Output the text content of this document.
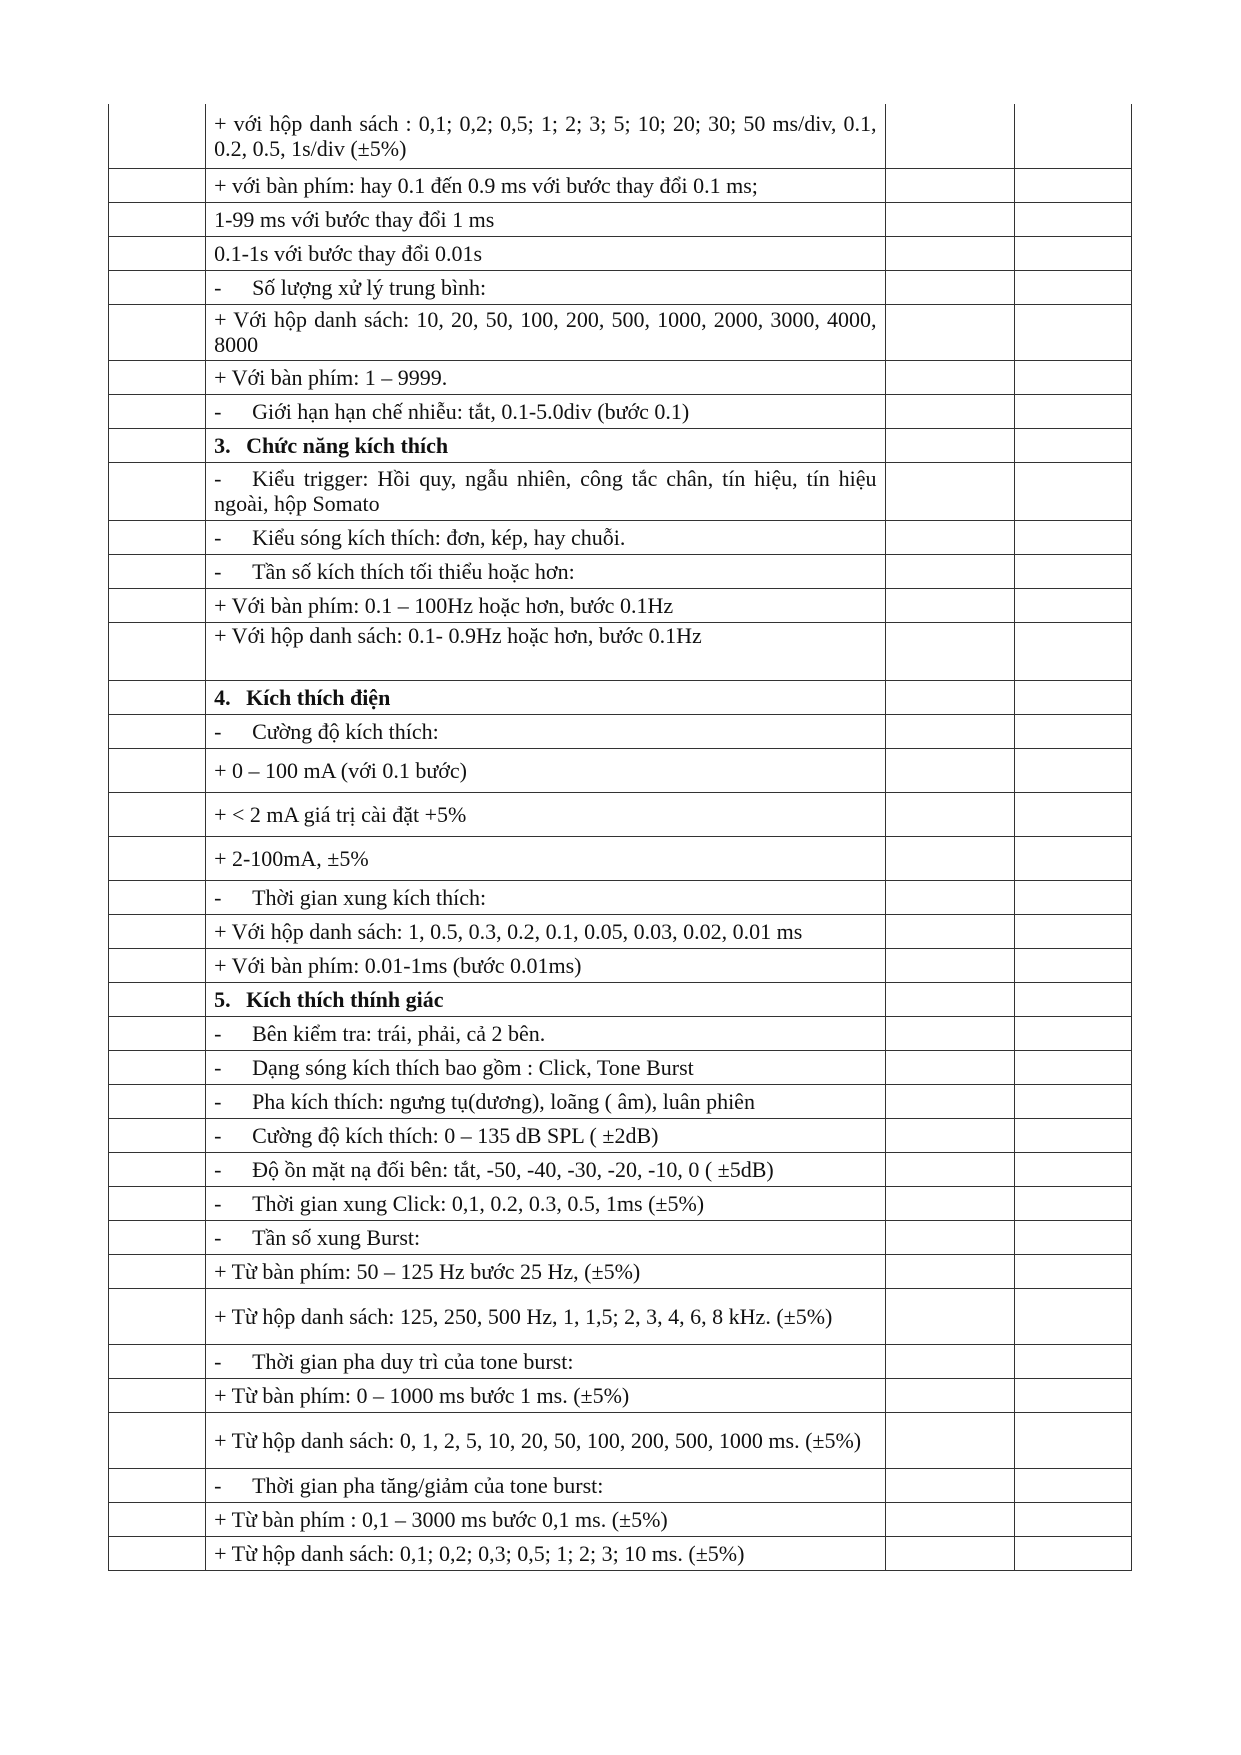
	+ với hộp danh sách : 0,1; 0,2; 0,5; 1; 2; 3; 5; 10; 20; 30; 50 ms/div, 0.1, 0.2, 0.5, 1s/div (±5%)		
	+ với bàn phím: hay 0.1 đến 0.9 ms với bước thay đổi 0.1 ms;		
	1-99 ms với bước thay đổi 1 ms		
	0.1-1s với bước thay đổi 0.01s		
	- Số lượng xử lý trung bình:		
	+ Với hộp danh sách: 10, 20, 50, 100, 200, 500, 1000, 2000, 3000, 4000, 8000		
	+ Với bàn phím: 1 – 9999.		
	- Giới hạn hạn chế nhiễu: tắt, 0.1-5.0div (bước 0.1)		
	3. Chức năng kích thích		
	- Kiểu trigger: Hồi quy, ngẫu nhiên, công tắc chân, tín hiệu, tín hiệu ngoài, hộp Somato		
	- Kiểu sóng kích thích: đơn, kép, hay chuỗi.		
	- Tần số kích thích tối thiểu hoặc hơn:		
	+ Với bàn phím: 0.1 – 100Hz hoặc hơn, bước 0.1Hz		
	+ Với hộp danh sách: 0.1- 0.9Hz hoặc hơn, bước 0.1Hz		
	4. Kích thích điện		
	- Cường độ kích thích:		
	+ 0 – 100 mA (với 0.1 bước)		
	+ < 2 mA giá trị cài đặt +5%		
	+ 2-100mA, ±5%		
	- Thời gian xung kích thích:		
	+ Với hộp danh sách: 1, 0.5, 0.3, 0.2, 0.1, 0.05, 0.03, 0.02, 0.01 ms		
	+ Với bàn phím: 0.01-1ms (bước 0.01ms)		
	5. Kích thích thính giác		
	- Bên kiểm tra: trái, phải, cả 2 bên.		
	- Dạng sóng kích thích bao gồm : Click, Tone Burst		
	- Pha kích thích: ngưng tụ(dương), loãng ( âm), luân phiên		
	- Cường độ kích thích: 0 – 135 dB SPL ( ±2dB)		
	- Độ ồn mặt nạ đối bên: tắt, -50, -40, -30, -20, -10, 0 ( ±5dB)		
	- Thời gian xung Click: 0,1, 0.2, 0.3, 0.5, 1ms (±5%)		
	- Tần số xung Burst:		
	+ Từ bàn phím: 50 – 125 Hz bước 25 Hz, (±5%)		
	+ Từ hộp danh sách: 125, 250, 500 Hz, 1, 1,5; 2, 3, 4, 6, 8 kHz. (±5%)		
	- Thời gian pha duy trì của tone burst:		
	+ Từ bàn phím: 0 – 1000 ms bước 1 ms. (±5%)		
	+ Từ hộp danh sách: 0, 1, 2, 5, 10, 20, 50, 100, 200, 500, 1000 ms. (±5%)		
	- Thời gian pha tăng/giảm của tone burst:		
	+ Từ bàn phím : 0,1 – 3000 ms bước 0,1 ms. (±5%)		
	+ Từ hộp danh sách: 0,1; 0,2; 0,3; 0,5; 1; 2; 3; 10 ms. (±5%)		
